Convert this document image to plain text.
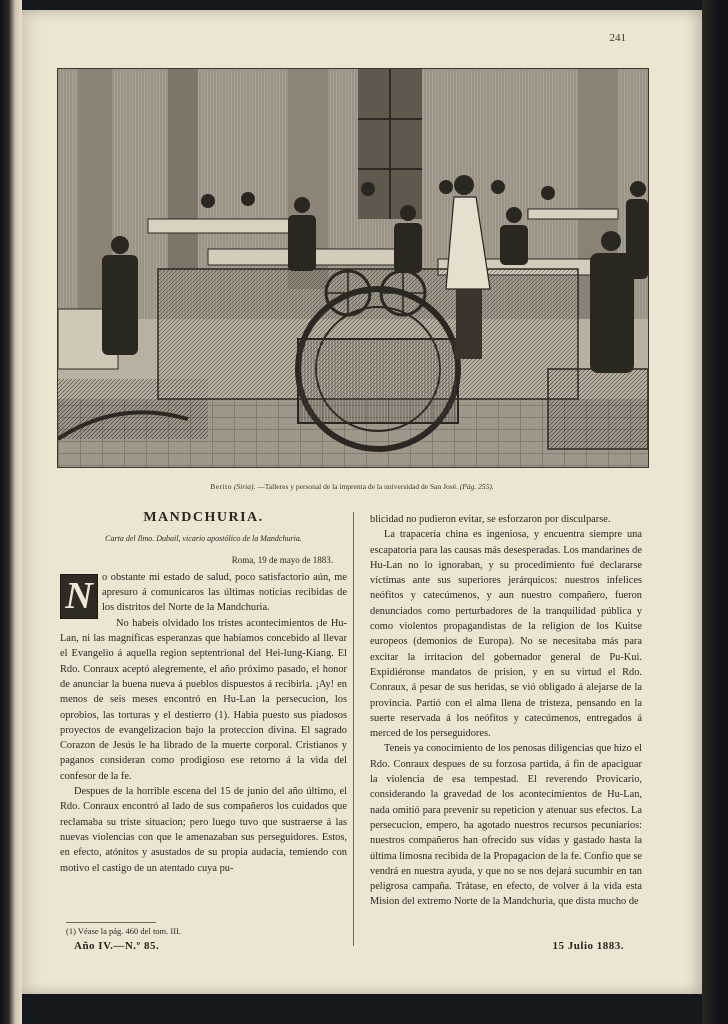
241
Berito (Siria). —Talleres y personal de la imprenta de la universidad de San José. (Pág. 255).
MANDCHURIA.
Carta del Ilmo. Dubail, vicario apostólico de la Mandchuria.
Roma, 19 de mayo de 1883.

N o obstante mi estado de salud, poco satisfactorio aún, me apresuro á comunicaros las últimas noticias recibidas de los distritos del Norte de la Mandchuria.

No habeis olvidado los tristes acontecimientos de Hu-Lan, ni las magníficas esperanzas que habíamos concebido al llevar el Evangelio á aquella region septentrional del Hei-lung-Kiang. El Rdo. Conraux aceptó alegremente, el año próximo pasado, el honor de anunciar la buena nueva á pueblos dispuestos á recibirla. ¡Ay! en menos de seis meses encontró en Hu-Lan la persecucion, los oprobios, las torturas y el destierro (1). Habia puesto sus piadosos proyectos de evangelizacion bajo la proteccion divina. El sagrado Corazon de Jesús le ha librado de la muerte corporal. Cristianos y paganos consideran como prodigioso ese retorno á la vida del confesor de la fe.

Despues de la horrible escena del 15 de junio del año último, el Rdo. Conraux encontró al lado de sus compañeros los cuidados que reclamaba su triste situacion; pero luego tuvo que sustraerse á las nuevas violencias con que le amenazaban sus perseguidores. Estos, en efecto, atónitos y asustados de su propia audacia, temiendo con motivo el castigo de un atentado cuya pu-

blicidad no pudieron evitar, se esforzaron por disculparse.

La trapacería china es ingeniosa, y encuentra siempre una escapatoria para las causas más desesperadas. Los mandarines de Hu-Lan no lo ignoraban, y su procedimiento fué declararse víctimas ante sus superiores jerárquicos: nuestros infelices neófitos y catecúmenos, y aun nuestro compañero, fueron denunciados como perturbadores de la tranquilidad pública y como violentos propagandistas de la religion de los Kuitse europeos (demonios de Europa). No se necesitaba más para excitar la irritacion del gobernador general de Pu-Kui. Expidiéronse mandatos de prision, y en su virtud el Rdo. Conraux, á pesar de sus heridas, se vió obligado á alejarse de la provincia. Partió con el alma llena de tristeza, pensando en la suerte reservada á los neófitos y catecúmenos, entregados á merced de los perseguidores.

Teneis ya conocimiento de los penosas diligencias que hizo el Rdo. Conraux despues de su forzosa partida, á fin de apaciguar la violencia de esa tempestad. El reverendo Provicario, considerando la gravedad de los acontecimientos de Hu-Lan, nada omitió para prevenir su repeticion y atenuar sus efectos. La persecucion, empero, ha agotado nuestros recursos pecuniarios: nuestros compañeros han ofrecido sus vidas y gastado hasta la última limosna recibida de la Propagacion de la fe. Confio que se vendrá en nuestra ayuda, y que no se nos dejará sucumbir en tan peligrosa campaña. Trátase, en efecto, de volver á la vida esta Mision del extremo Norte de la Mandchuria, que dista mucho de

(1) Véase la pág. 460 del tom. III.
Año IV.—N.º 85.	15 Julio 1883.
